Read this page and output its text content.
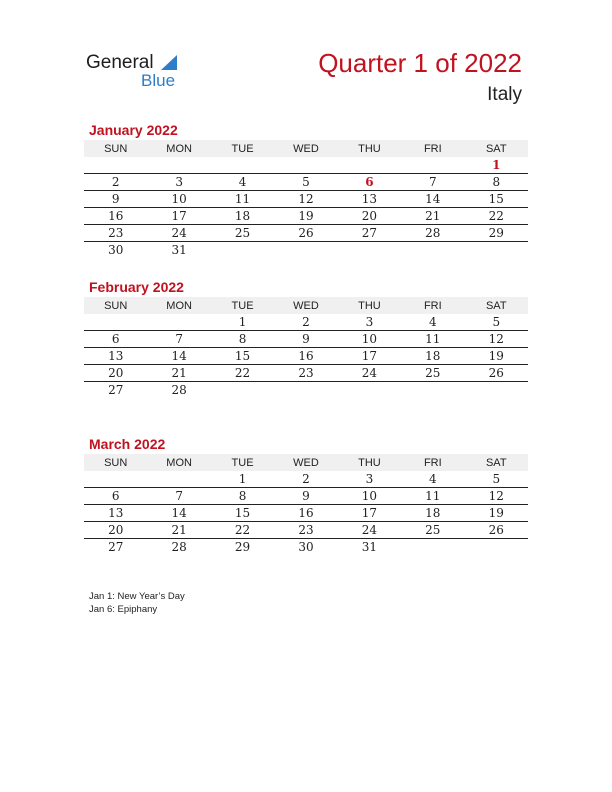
General
Blue
Quarter 1 of 2022
Italy
January 2022
SUN	MON	TUE	WED	THU	FRI	SAT
						1
2	3	4	5	6	7	8
9	10	11	12	13	14	15
16	17	18	19	20	21	22
23	24	25	26	27	28	29
30	31					
February 2022
SUN	MON	TUE	WED	THU	FRI	SAT
		1	2	3	4	5
6	7	8	9	10	11	12
13	14	15	16	17	18	19
20	21	22	23	24	25	26
27	28					
March 2022
SUN	MON	TUE	WED	THU	FRI	SAT
		1	2	3	4	5
6	7	8	9	10	11	12
13	14	15	16	17	18	19
20	21	22	23	24	25	26
27	28	29	30	31		
Jan 1: New Year’s Day
Jan 6: Epiphany
